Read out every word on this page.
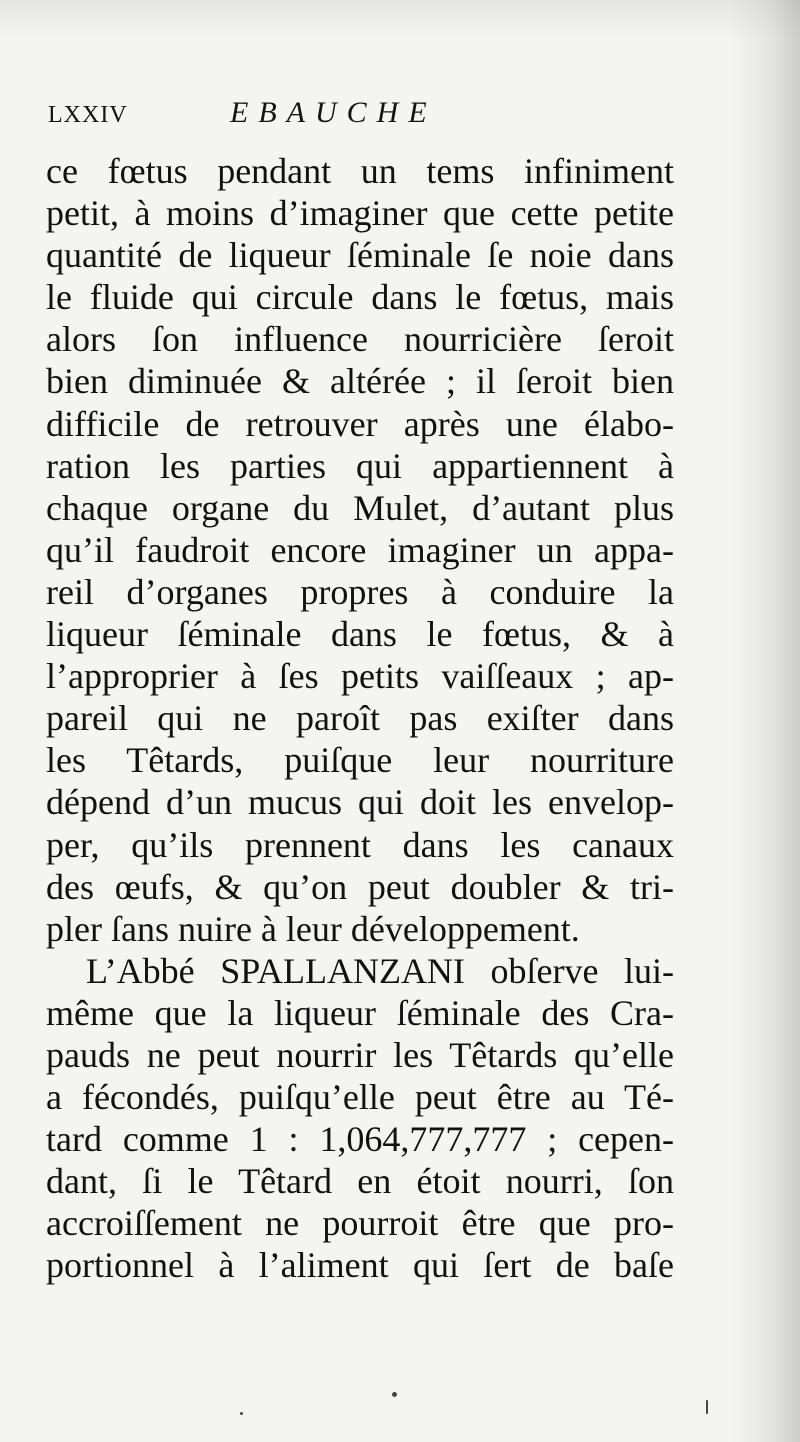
LXXIV	EBAUCHE
ce fœtus pendant un tems infiniment
petit, à moins d’imaginer que cette petite
quantité de liqueur ſéminale ſe noie dans
le fluide qui circule dans le fœtus, mais
alors ſon influence nourricière ſeroit
bien diminuée & altérée ; il ſeroit bien
difficile de retrouver après une élabo-
ration les parties qui appartiennent à
chaque organe du Mulet, d’autant plus
qu’il faudroit encore imaginer un appa-
reil d’organes propres à conduire la
liqueur ſéminale dans le fœtus, & à
l’approprier à ſes petits vaiſſeaux ; ap-
pareil qui ne paroît pas exiſter dans
les Têtards, puiſque leur nourriture
dépend d’un mucus qui doit les envelop-
per, qu’ils prennent dans les canaux
des œufs, & qu’on peut doubler & tri-
pler ſans nuire à leur développement.
L’Abbé SPALLANZANI obſerve lui-
même que la liqueur ſéminale des Cra-
pauds ne peut nourrir les Têtards qu’elle
a fécondés, puiſqu’elle peut être au Té-
tard comme 1 : 1,064,777,777 ; cepen-
dant, ſi le Têtard en étoit nourri, ſon
accroiſſement ne pourroit être que pro-
portionnel à l’aliment qui ſert de baſe
